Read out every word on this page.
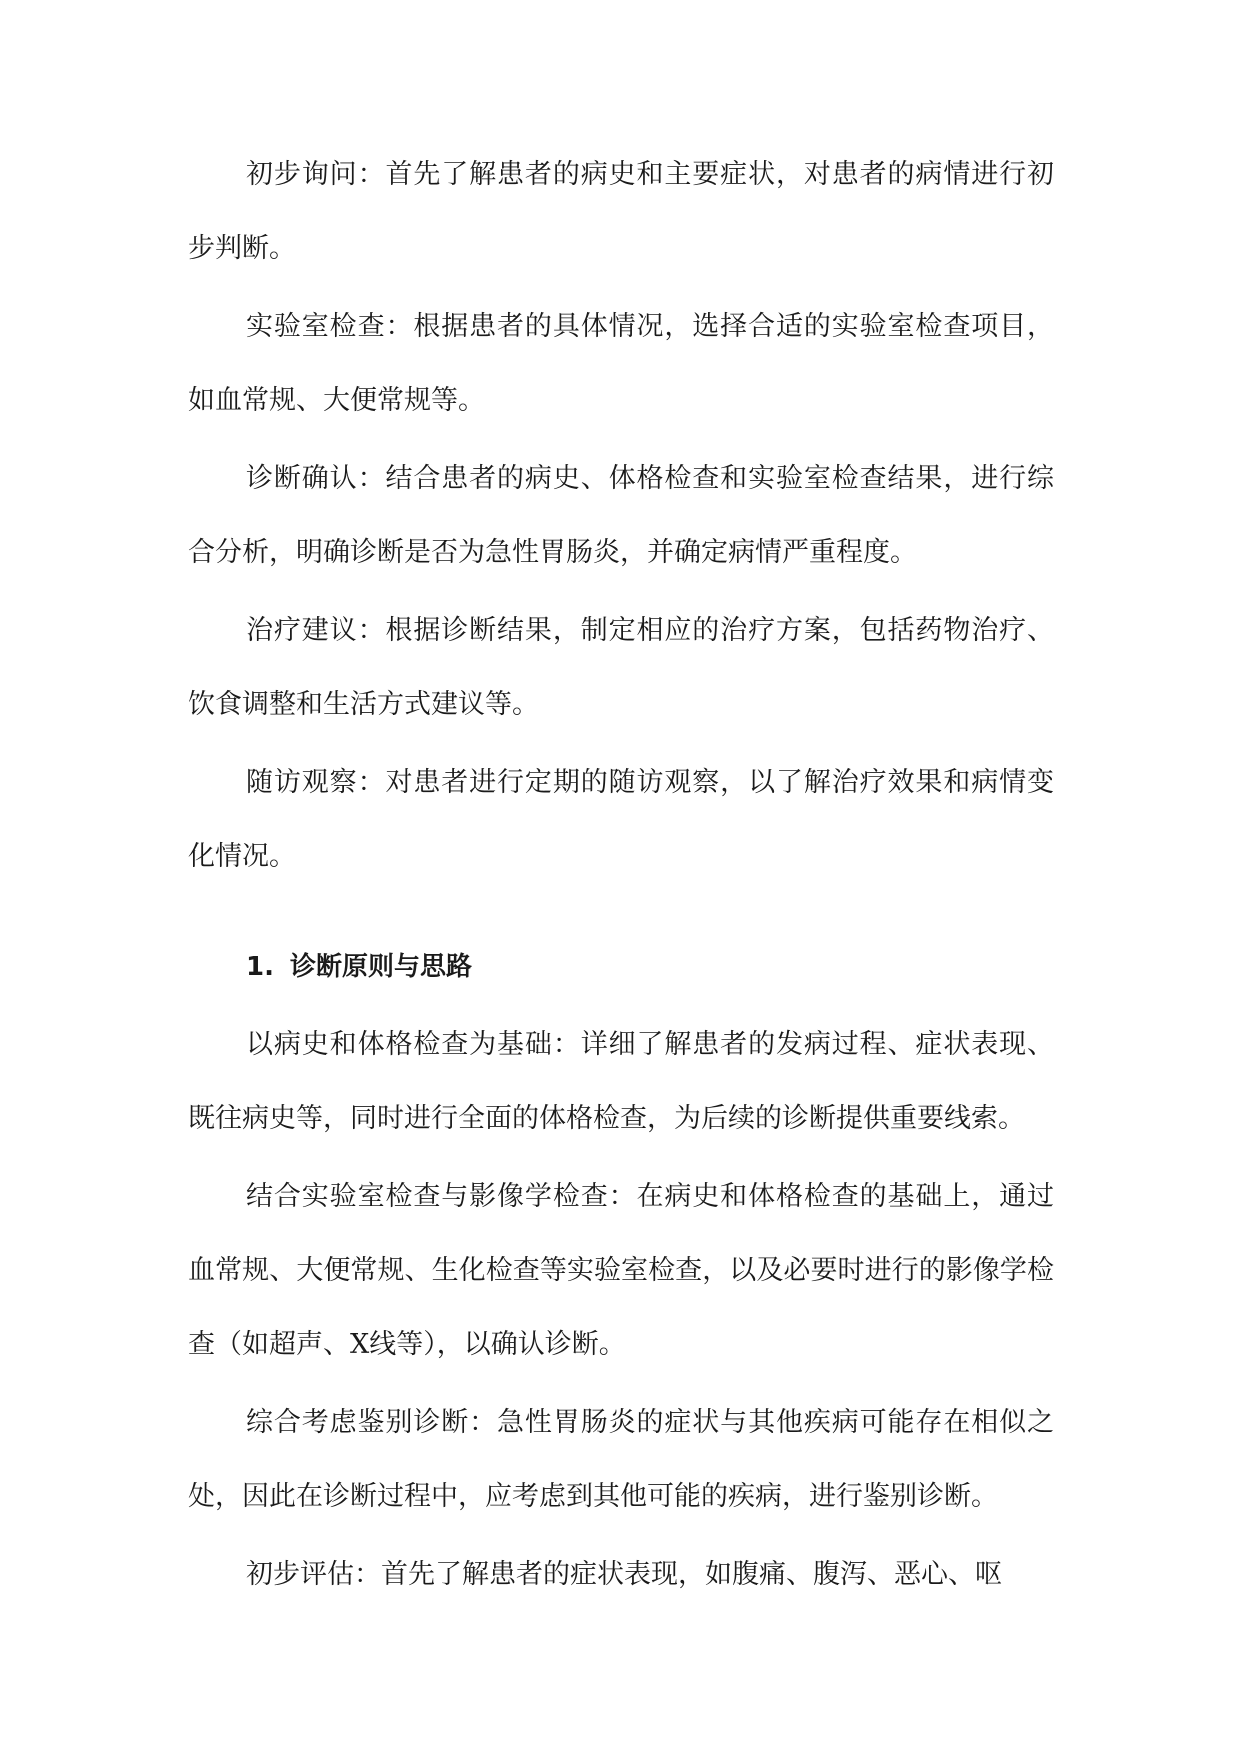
初步询问：首先了解患者的病史和主要症状，对患者的病情进行初步判断。

实验室检查：根据患者的具体情况，选择合适的实验室检查项目，如血常规、大便常规等。

诊断确认：结合患者的病史、体格检查和实验室检查结果，进行综合分析，明确诊断是否为急性胃肠炎，并确定病情严重程度。

治疗建议：根据诊断结果，制定相应的治疗方案，包括药物治疗、饮食调整和生活方式建议等。

随访观察：对患者进行定期的随访观察，以了解治疗效果和病情变化情况。

1. 诊断原则与思路

以病史和体格检查为基础：详细了解患者的发病过程、症状表现、既往病史等，同时进行全面的体格检查，为后续的诊断提供重要线索。

结合实验室检查与影像学检查：在病史和体格检查的基础上，通过血常规、大便常规、生化检查等实验室检查，以及必要时进行的影像学检查（如超声、X线等），以确认诊断。

综合考虑鉴别诊断：急性胃肠炎的症状与其他疾病可能存在相似之处，因此在诊断过程中，应考虑到其他可能的疾病，进行鉴别诊断。

初步评估：首先了解患者的症状表现，如腹痛、腹泻、恶心、呕
